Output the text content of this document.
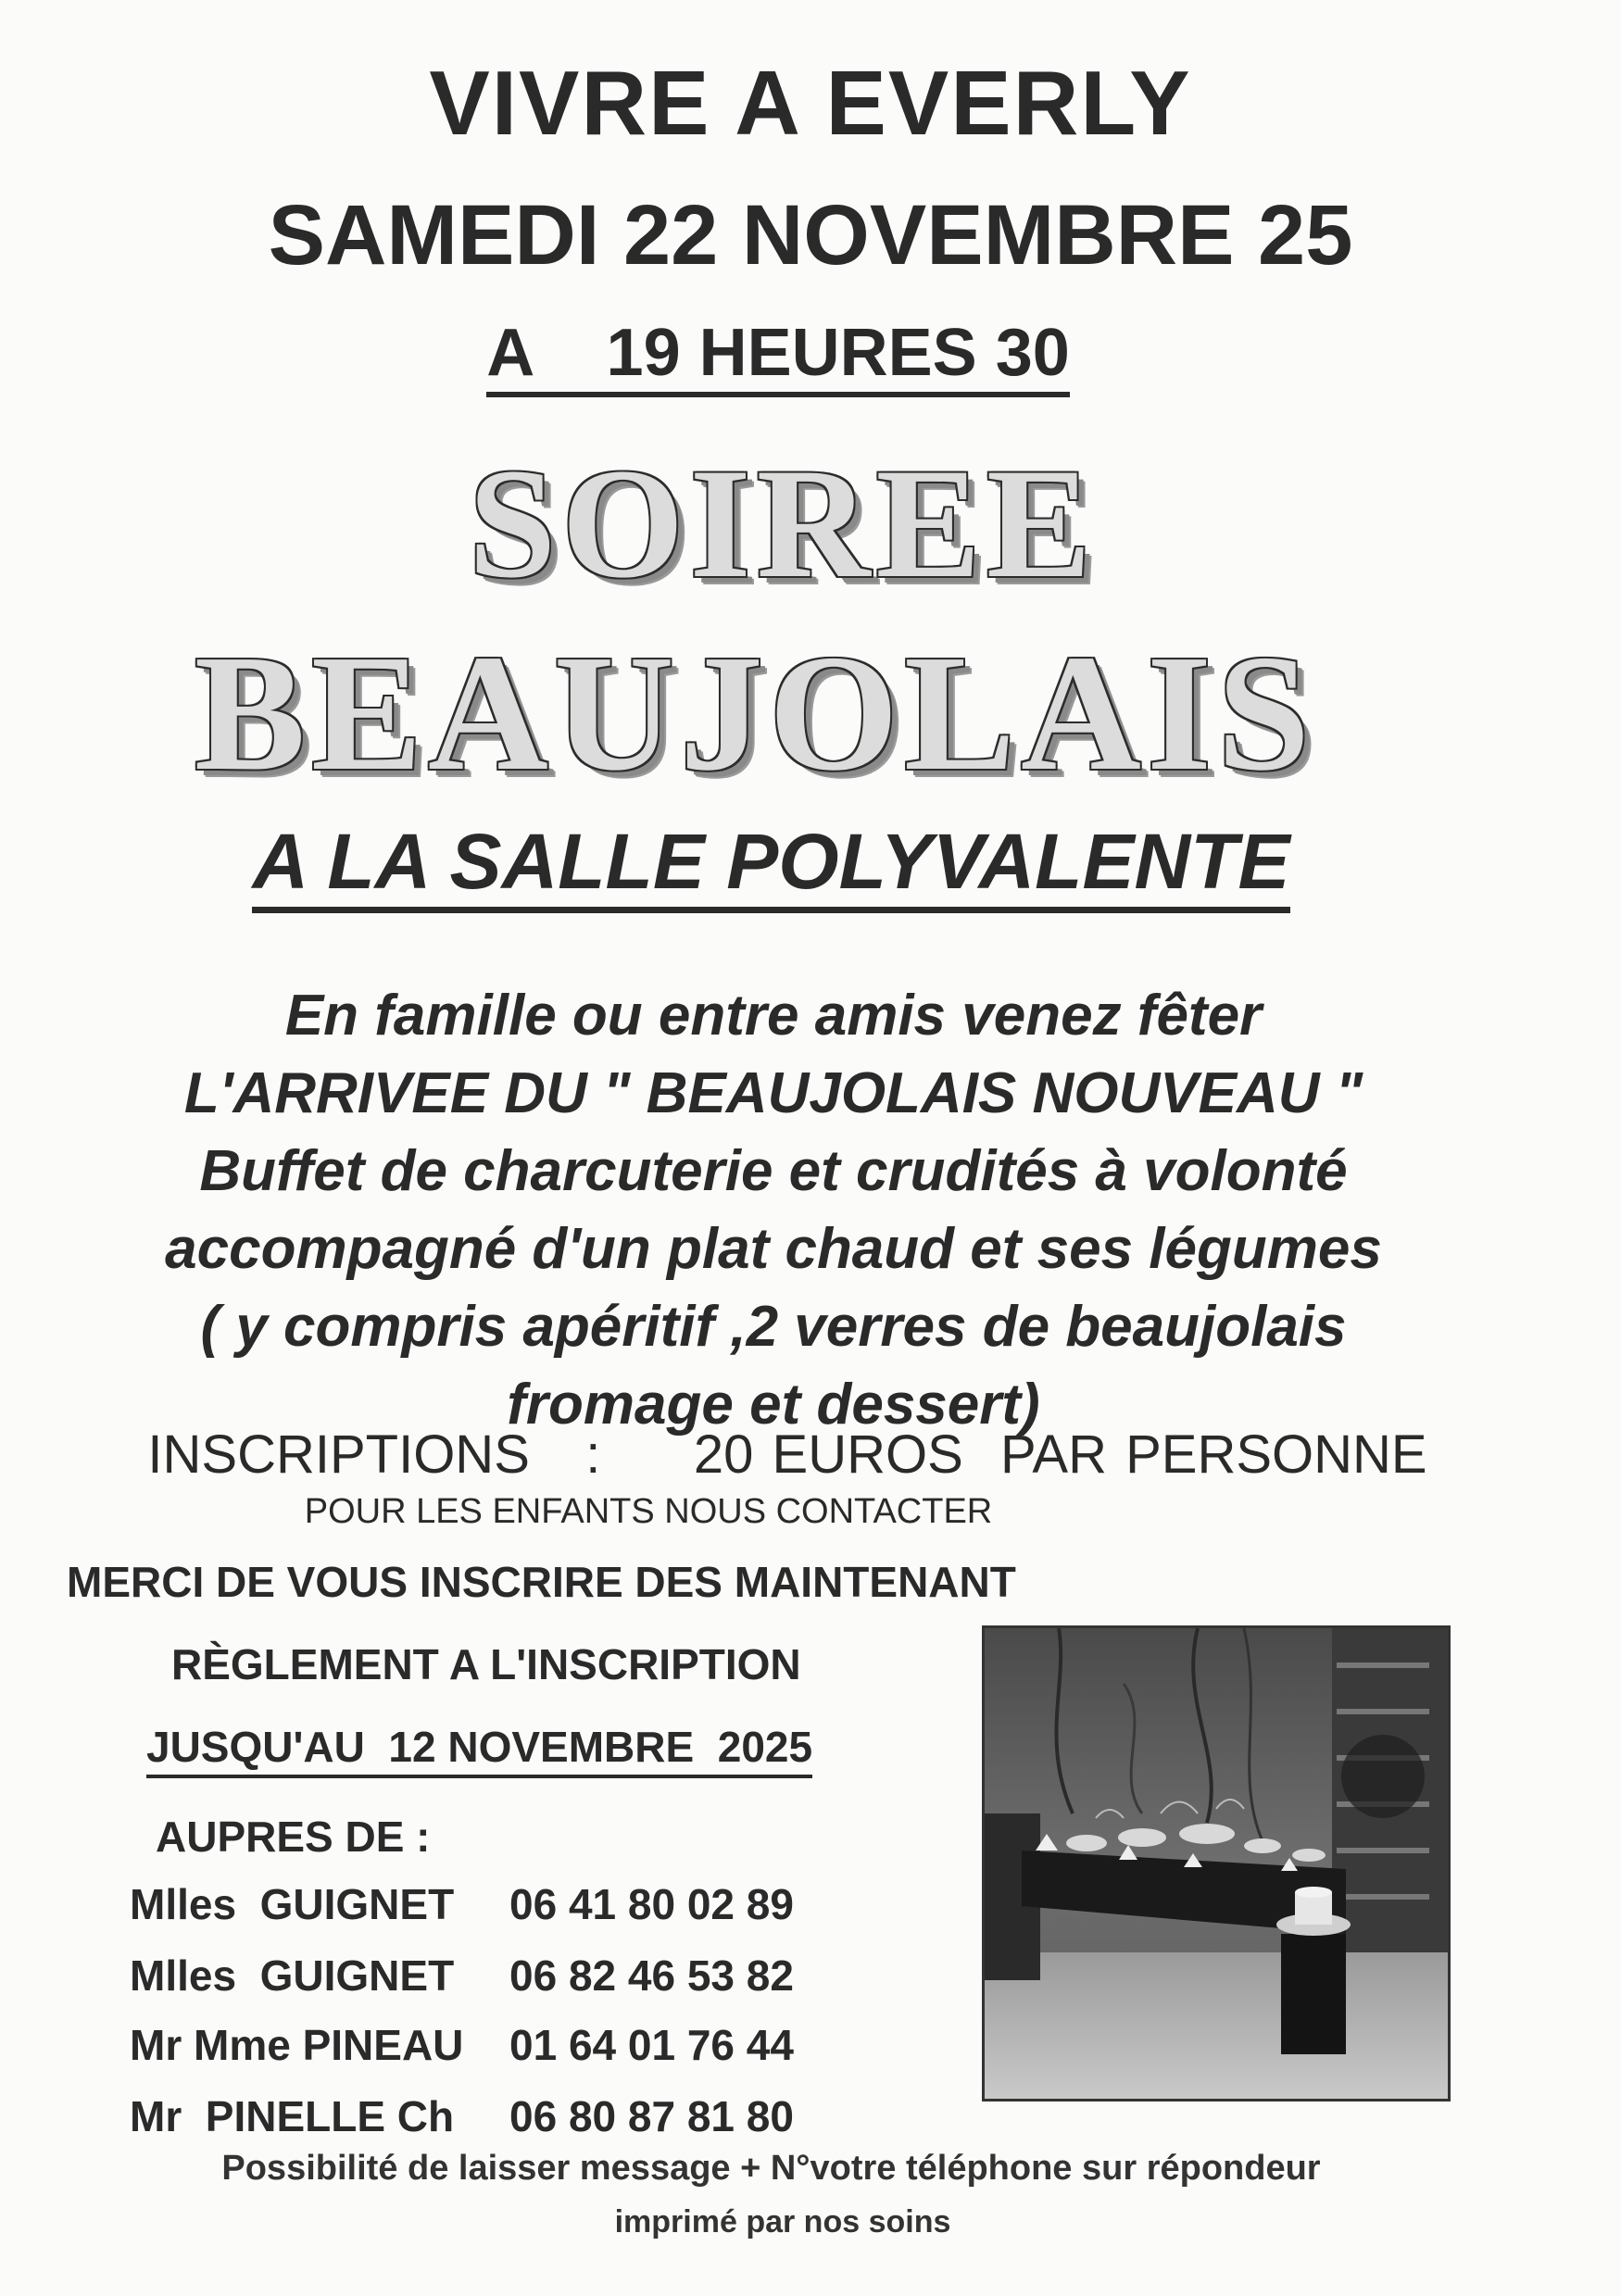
VIVRE A EVERLY
SAMEDI 22 NOVEMBRE 25
A    19 HEURES 30
SOIREE
BEAUJOLAIS
A LA SALLE POLYVALENTE
En famille ou entre amis venez fêter
L'ARRIVEE DU " BEAUJOLAIS NOUVEAU "
Buffet de charcuterie et crudités à volonté
accompagné d'un plat chaud et ses légumes
( y compris apéritif ,2 verres de beaujolais
fromage et dessert)
INSCRIPTIONS   :     20 EUROS  PAR PERSONNE
POUR LES ENFANTS NOUS CONTACTER
MERCI DE VOUS INSCRIRE DES MAINTENANT
RÈGLEMENT A L'INSCRIPTION
JUSQU'AU  12 NOVEMBRE  2025
AUPRES DE :
Mlles  GUIGNET 06 41 80 02 89
Mlles  GUIGNET 06 82 46 53 82
Mr Mme PINEAU 01 64 01 76 44
Mr  PINELLE Ch 06 80 87 81 80
Possibilité de laisser message + N°votre téléphone sur répondeur
imprimé par nos soins
